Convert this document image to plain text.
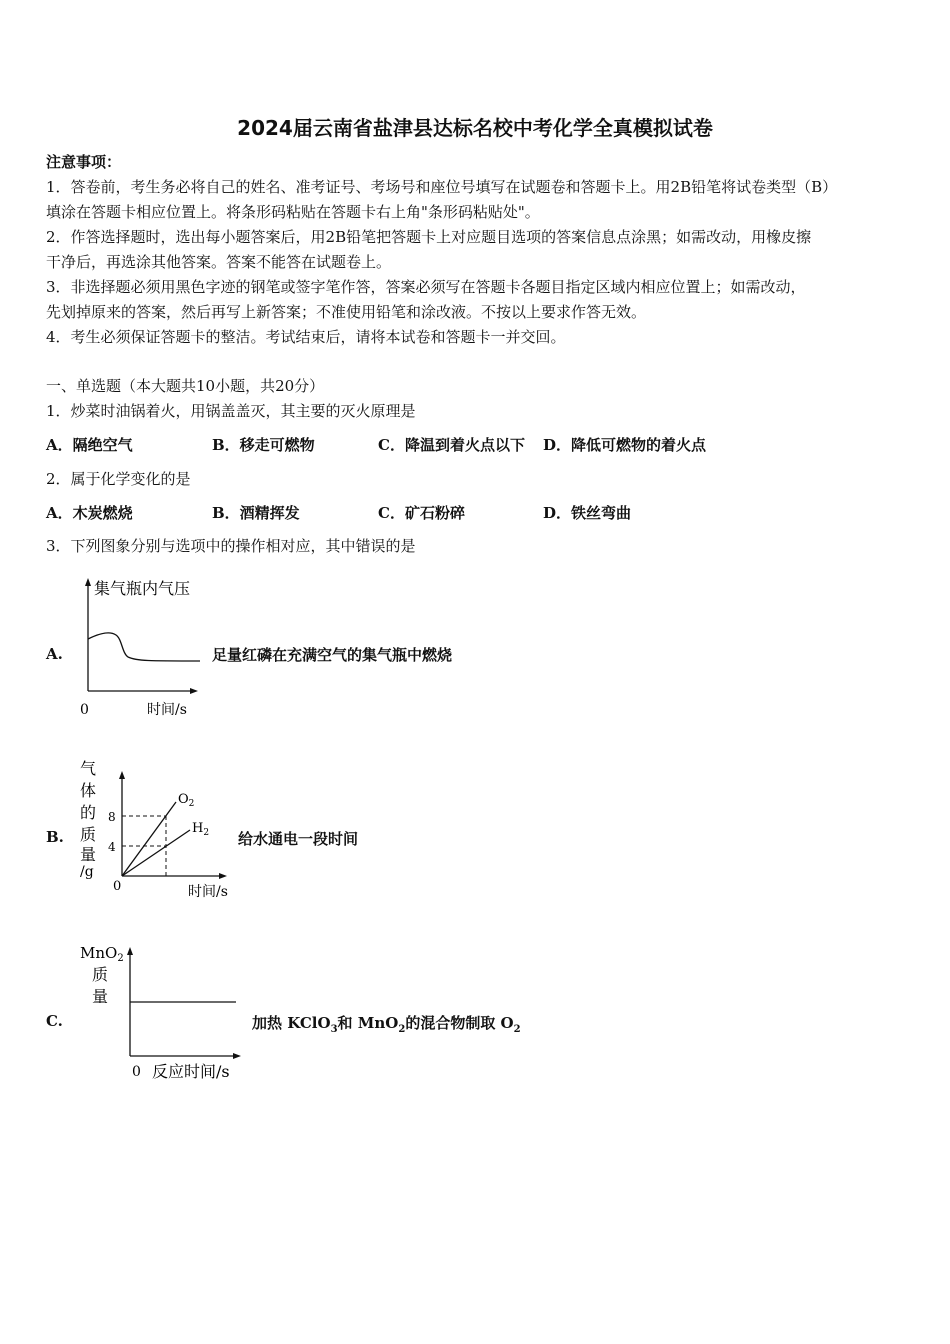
2024届云南省盐津县达标名校中考化学全真模拟试卷
注意事项：
1．答卷前，考生务必将自己的姓名、准考证号、考场号和座位号填写在试题卷和答题卡上。用2B铅笔将试卷类型（B）
填涂在答题卡相应位置上。将条形码粘贴在答题卡右上角"条形码粘贴处"。
2．作答选择题时，选出每小题答案后，用2B铅笔把答题卡上对应题目选项的答案信息点涂黑；如需改动，用橡皮擦
干净后，再选涂其他答案。答案不能答在试题卷上。
3．非选择题必须用黑色字迹的钢笔或签字笔作答，答案必须写在答题卡各题目指定区域内相应位置上；如需改动，
先划掉原来的答案，然后再写上新答案；不准使用铅笔和涂改液。不按以上要求作答无效。
4．考生必须保证答题卡的整洁。考试结束后，请将本试卷和答题卡一并交回。
一、单选题（本大题共10小题，共20分）
1．炒菜时油锅着火，用锅盖盖灭，其主要的灭火原理是
A．隔绝空气	B．移走可燃物	C．降温到着火点以下 D．降低可燃物的着火点
2．属于化学变化的是
A．木炭燃烧	B．酒精挥发	C．矿石粉碎	D．铁丝弯曲
3．下列图象分别与选项中的操作相对应，其中错误的是
A.
集气瓶内气压
0	时间/s
足量红磷在充满空气的集气瓶中燃烧
B.
气
体
的
质
量
/g
8
4
$O_2$
$H_2$
0	时间/s
给水通电一段时间
C.
MnO$_2$
质
量
0 反应时间/s
加热 KClO$_3$和 MnO$_2$的混合物制取 $O_2$
